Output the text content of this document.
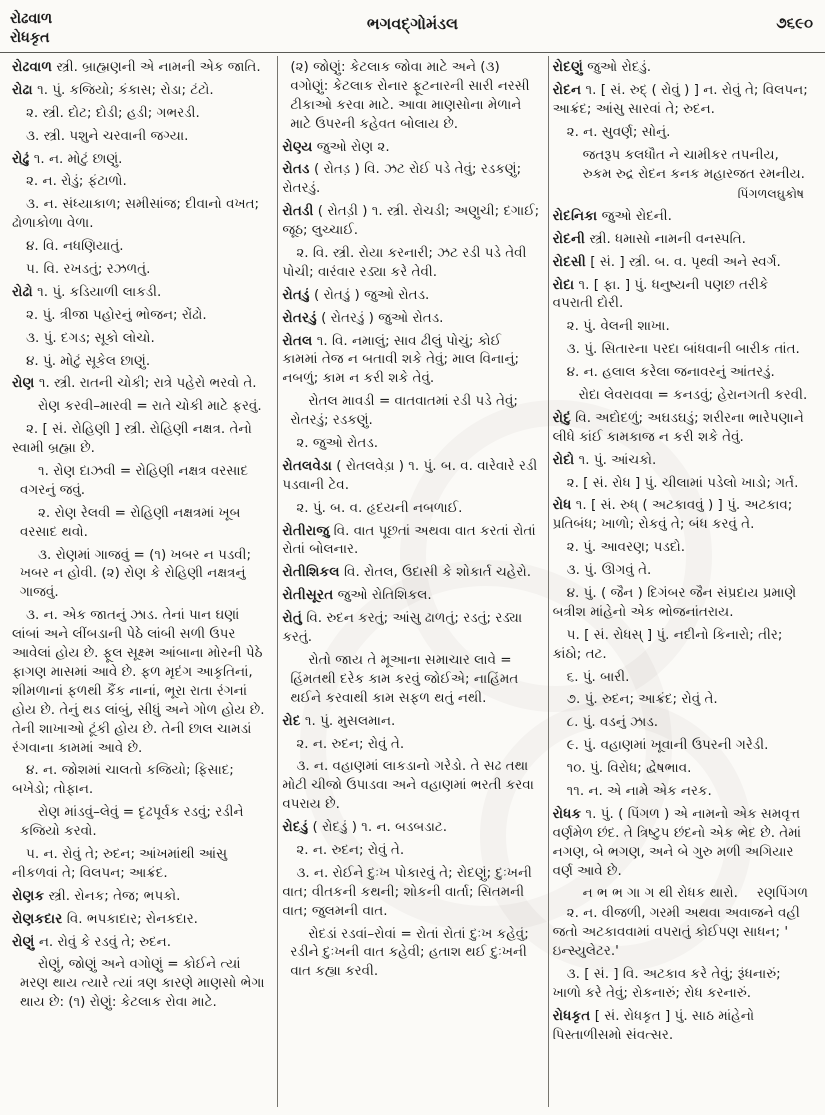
રોઢવાળ
રોધકૃત
ભગવદ્ગોમંડલ	૭૬૯૦

રોઢવાળ સ્ત્રી. બ્રાહ્મણની એ નામની એક જાતિ.

રોઢા ૧. પું. કજિયો; કંકાસ; રોડા; ટંટો.

૨. સ્ત્રી. દોટ; દોડી; હડી; ગભરડી.

૩. સ્ત્રી. પશુને ચરવાની જગ્યા.

રોઢું ૧. ન. મોટું છાણું.

૨. ન. રોડું; ફંટાળો.

૩. ન. સંધ્યાકાળ; સમીસાંજ; દીવાનો વખત; ઢોળાકોળા વેળા.

૪. વિ. નધણિયાતું.

૫. વિ. રખડતું; રઝળતું.

રોઢો ૧. પું. કડિયાળી લાકડી.

૨. પું. ત્રીજા પહોરનું ભોજન; રોંઢો.

૩. પું. દગડ; સૂકો લોચો.

૪. પું. મોટું સૂકેલ છાણું.

રોણ ૧. સ્ત્રી. રાતની ચોકી; રાત્રે પહેરો ભરવો તે.

રોણ કરવી–મારવી = રાતે ચોકી માટે ફરવું.

૨. [ સં. રોહિણી ] સ્ત્રી. રોહિણી નક્ષત્ર. તેનો સ્વામી બ્રહ્મા છે.

૧. રોણ દાઝવી = રોહિણી નક્ષત્ર વરસાદ વગરનું જવું.

૨. રોણ રેલવી = રોહિણી નક્ષત્રમાં ખૂબ વરસાદ થવો.

૩. રોણમાં ગાજવું = (૧) ખબર ન પડવી; ખબર ન હોવી. (૨) રોણ કે રોહિણી નક્ષત્રનું ગાજવું.

૩. ન. એક જાતનું ઝાડ. તેનાં પાન ઘણાં લાંબાં અને લીંબડાની પેઠે લાંબી સળી ઉપર આવેલાં હોય છે. ફૂલ સૂક્ષ્મ આંબાના મોરની પેઠે ફાગણ માસમાં આવે છે. ફળ મૃદંગ આકૃતિનાં, શીમળાનાં ફળથી કૈંક નાનાં, ભૂરા રાતા રંગનાં હોય છે. તેનું થડ લાંબું, સીધું અને ગોળ હોય છે. તેની શાખાઓ ટૂંકી હોય છે. તેની છાલ ચામડાં રંગવાના કામમાં આવે છે.

૪. ન. જોશમાં ચાલતો કજિયો; ફિસાદ; બખેડો; તોફાન.

રોણ માંડવું–લેવું = દૃઢપૂર્વક રડવું; રડીને કજિયો કરવો.

૫. ન. રોવું તે; રુદન; આંખમાંથી આંસુ નીકળવાં તે; વિલપન; આક્રંદ.

રોણક સ્ત્રી. રોનક; તેજ; ભપકો.

રોણકદાર વિ. ભપકાદાર; રોનકદાર.

રોણું ન. રોવું કે રડવું તે; રુદન.

રોણું, જોણું અને વગોણું = કોઈને ત્યાં મરણ થાય ત્યારે ત્યાં ત્રણ કારણે માણસો ભેગા થાય છે: (૧) રોણું: કેટલાક રોવા માટે.

(૨) જોણું: કેટલાક જોવા માટે અને (૩) વગોણું: કેટલાક રોનાર ફૂટનારની સારી નરસી ટીકાઓ કરવા માટે. આવા માણસોના મેળાને માટે ઉપરની કહેવત બોલાય છે.

રોણ્ય જુઓ રોણ ૨.

રોતડ ( રોતડ઼ ) વિ. ઝટ રોઈ પડે તેવું; રડકણું; રોતરડું.

રોતડી ( રોતડ઼ી ) ૧. સ્ત્રી. રોચડી; અણુચી; દગાઈ; જૂઠ; લુચ્ચાઈ.

૨. વિ. સ્ત્રી. રોયા કરનારી; ઝટ રડી પડે તેવી પોચી; વારંવાર રડ્યા કરે તેવી.

રોતડું ( રોતડ઼ું ) જુઓ રોતડ.

રોતરડું ( રોતરડ઼ું ) જુઓ રોતડ.

રોતલ ૧. વિ. નમાલું; સાવ ઢીલું પોચું; કોઈ કામમાં તેજ ન બતાવી શકે તેવું; માલ વિનાનું; નબળું; કામ ન કરી શકે તેવું.

રોતલ માવડી = વાતવાતમાં રડી પડે તેવું; રોતરડું; રડકણું.

૨. જુઓ રોતડ.

રોતલવેડા ( રોતલવેડ઼ા ) ૧. પું. બ. વ. વારેવારે રડી પડવાની ટેવ.

૨. પું. બ. વ. હૃદયની નબળાઈ.

રોતીરાજુ વિ. વાત પૂછતાં અથવા વાત કરતાં રોતાં રોતાં બોલનાર.

રોતીશિકલ વિ. રોતલ, ઉદાસી કે શોકાર્ત ચહેરો.

રોતીસૂરત જુઓ રોતિશિકલ.

રોતું વિ. રુદન કરતું; આંસુ ઢાળતું; રડતું; રડ્યા કરતું.

રોતો જાય તે મૂઆના સમાચાર લાવે = હિંમતથી દરેક કામ કરવું જોઈએ; નાહિંમત થઈને કરવાથી કામ સફળ થતું નથી.

રોદ ૧. પું. મુસલમાન.

૨. ન. રુદન; રોવું તે.

૩. ન. વહાણમાં લાકડાનો ગરેડો. તે સઢ તથા મોટી ચીજો ઉપાડવા અને વહાણમાં ભરતી કરવા વપરાય છે.

રોદડું ( રોદડ઼ું ) ૧. ન. બડબડાટ.

૨. ન. રુદન; રોવું તે.

૩. ન. રોઈને દુઃખ પોકારવું તે; રોદણું; દુઃખની વાત; વીતકની કથની; શોકની વાર્તા; સિતમની વાત; જુલમની વાત.

રોદડાં રડવાં–રોવાં = રોતાં રોતાં દુઃખ કહેવું; રડીને દુઃખની વાત કહેવી; હતાશ થઈ દુઃખની વાત કહ્યા કરવી.

રોદણું જુઓ રોદડું.

રોદન ૧. [ સં. રુદ્ ( રોવું ) ] ન. રોવું તે; વિલપન; આક્રંદ; આંસુ સારવાં તે; રુદન.

૨. ન. સુવર્ણ; સોનું.

જતરૂપ કલધૌત ને ચામીકર તપનીય,

રુકમ રુદ્ર રોદન કનક મહારજત રમનીય.

પિંગળલઘુકોષ

રોદનિકા જુઓ રોદની.

રોદની સ્ત્રી. ધમાસો નામની વનસ્પતિ.

રોદસી [ સં. ] સ્ત્રી. બ. વ. પૃથ્વી અને સ્વર્ગ.

રોદા ૧. [ ફા. ] પું. ધનુષ્યની પણછ તરીકે વપરાતી દોરી.

૨. પું. વેલની શાખા.

૩. પું. સિતારના પરદા બાંધવાની બારીક તાંત.

૪. ન. હલાલ કરેલા જનાવરનું આંતરડું.

રોદા લેવરાવવા = કનડવું; હેરાનગતી કરવી.

રોદું વિ. અદોદળું; અઘડઘડું; શરીરના ભારેપણાને લીધે કાંઈ કામકાજ ન કરી શકે તેવું.

રોદો ૧. પું. આંચકો.

૨. [ સં. રોધ ] પું. ચીલામાં પડેલો ખાડો; ગર્ત.

રોધ ૧. [ સં. રુધ્ ( અટકાવવું ) ] પું. અટકાવ; પ્રતિબંધ; ખાળો; રોકવું તે; બંધ કરવું તે.

૨. પું. આવરણ; પડદો.

૩. પું. ઊગવું તે.

૪. પું. ( જૈન ) દિગંબર જૈન સંપ્રદાય પ્રમાણે બત્રીશ માંહેનો એક ભોજનાંતરાય.

૫. [ સં. રોધસ્ ] પું. નદીનો કિનારો; તીર; કાંઠો; તટ.

૬. પું. બારી.

૭. પું. રુદન; આક્રંદ; રોવું તે.

૮. પું. વડનું ઝાડ.

૯. પું. વહાણમાં ખૂવાની ઉપરની ગરેડી.

૧૦. પું. વિરોધ; દ્વેષભાવ.

૧૧. ન. એ નામે એક નરક.

રોધક ૧. પું. ( પિંગળ ) એ નામનો એક સમવૃત્ત વર્ણમેળ છંદ. તે ત્રિષ્ટુપ છંદનો એક ભેદ છે. તેમાં નગણ, બે ભગણ, અને બે ગુરુ મળી અગિયાર વર્ણ આવે છે.

રણપિંગળ
ન ભ ભ ગા ગ થી રોધક થારો.

૨. ન. વીજળી, ગરમી અથવા અવાજને વહી જતો અટકાવવામાં વપરાતું કોઈપણ સાધન; ' ઇન્સ્યુલેટર.'

૩. [ સં. ] વિ. અટકાવ કરે તેવું; રૂંધનારું; ખાળો કરે તેવું; રોકનારું; રોધ કરનારું.

રોધકૃત [ સં. રોધકૃત ] પું. સાઠ માંહેનો પિસ્તાળીસમો સંવત્સર.
